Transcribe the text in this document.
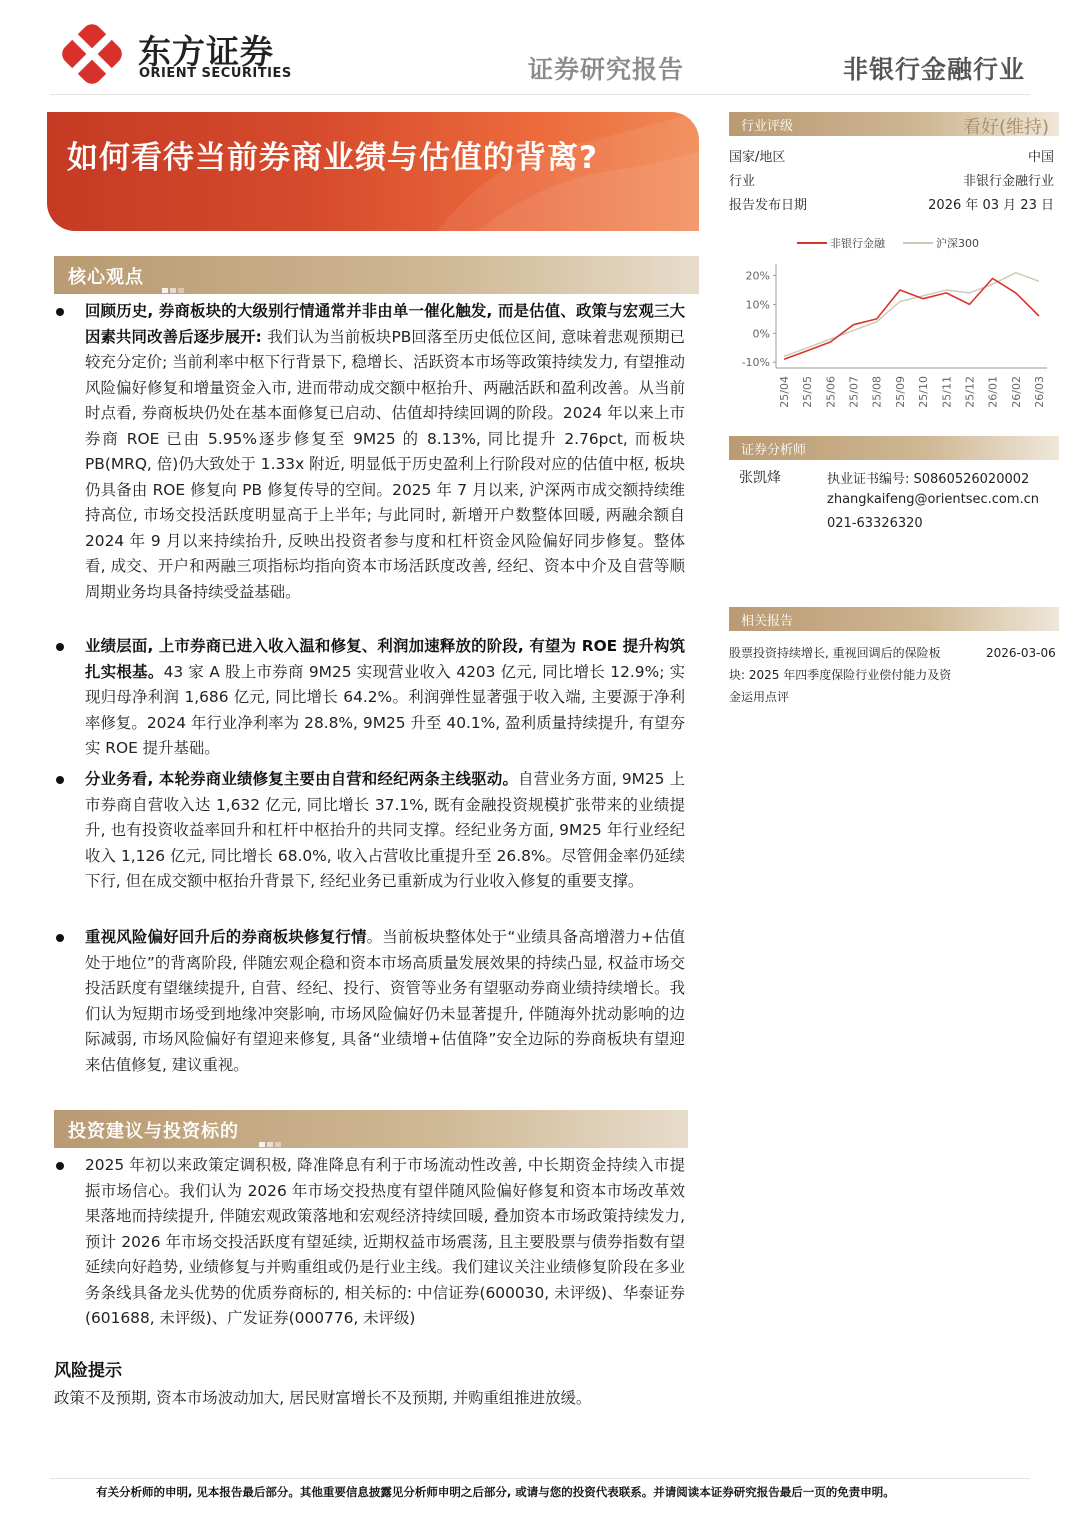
东方证券
ORIENT SECURITIES	证券研究报告	非银行金融行业
如何看待当前券商业绩与估值的背离?
核心观点
回顾历史, 券商板块的大级别行情通常并非由单一催化触发, 而是估值、政策与宏观三大因素共同改善后逐步展开: 我们认为当前板块PB回落至历史低位区间, 意味着悲观预期已较充分定价; 当前利率中枢下行背景下, 稳增长、活跃资本市场等政策持续发力, 有望推动风险偏好修复和增量资金入市, 进而带动成交额中枢抬升、两融活跃和盈利改善。从当前时点看, 券商板块仍处在基本面修复已启动、估值却持续回调的阶段。2024 年以来上市券商 ROE 已由 5.95%逐步修复至 9M25 的 8.13%, 同比提升 2.76pct, 而板块 PB(MRQ, 倍)仍大致处于 1.33x 附近, 明显低于历史盈利上行阶段对应的估值中枢, 板块仍具备由 ROE 修复向 PB 修复传导的空间。2025 年 7 月以来, 沪深两市成交额持续维持高位, 市场交投活跃度明显高于上半年; 与此同时, 新增开户数整体回暖, 两融余额自 2024 年 9 月以来持续抬升, 反映出投资者参与度和杠杆资金风险偏好同步修复。整体看, 成交、开户和两融三项指标均指向资本市场活跃度改善, 经纪、资本中介及自营等顺周期业务均具备持续受益基础。
业绩层面, 上市券商已进入收入温和修复、利润加速释放的阶段, 有望为 ROE 提升构筑扎实根基。43 家 A 股上市券商 9M25 实现营业收入 4203 亿元, 同比增长 12.9%; 实现归母净利润 1,686 亿元, 同比增长 64.2%。利润弹性显著强于收入端, 主要源于净利率修复。2024 年行业净利率为 28.8%, 9M25 升至 40.1%, 盈利质量持续提升, 有望夯实 ROE 提升基础。
分业务看, 本轮券商业绩修复主要由自营和经纪两条主线驱动。自营业务方面, 9M25 上市券商自营收入达 1,632 亿元, 同比增长 37.1%, 既有金融投资规模扩张带来的业绩提升, 也有投资收益率回升和杠杆中枢抬升的共同支撑。经纪业务方面, 9M25 年行业经纪收入 1,126 亿元, 同比增长 68.0%, 收入占营收比重提升至 26.8%。尽管佣金率仍延续下行, 但在成交额中枢抬升背景下, 经纪业务已重新成为行业收入修复的重要支撑。
重视风险偏好回升后的券商板块修复行情。当前板块整体处于“业绩具备高增潜力+估值处于地位”的背离阶段, 伴随宏观企稳和资本市场高质量发展效果的持续凸显, 权益市场交投活跃度有望继续提升, 自营、经纪、投行、资管等业务有望驱动券商业绩持续增长。我们认为短期市场受到地缘冲突影响, 市场风险偏好仍未显著提升, 伴随海外扰动影响的边际减弱, 市场风险偏好有望迎来修复, 具备“业绩增+估值降”安全边际的券商板块有望迎来估值修复, 建议重视。
投资建议与投资标的
2025 年初以来政策定调积极, 降准降息有利于市场流动性改善, 中长期资金持续入市提振市场信心。我们认为 2026 年市场交投热度有望伴随风险偏好修复和资本市场改革效果落地而持续提升, 伴随宏观政策落地和宏观经济持续回暖, 叠加资本市场政策持续发力, 预计 2026 年市场交投活跃度有望延续, 近期权益市场震荡, 且主要股票与债券指数有望延续向好趋势, 业绩修复与并购重组或仍是行业主线。我们建议关注业绩修复阶段在多业务条线具备龙头优势的优质券商标的, 相关标的: 中信证券(600030, 未评级)、华泰证券(601688, 未评级)、广发证券(000776, 未评级)
风险提示
政策不及预期, 资本市场波动加大, 居民财富增长不及预期, 并购重组推进放缓。
有关分析师的申明, 见本报告最后部分。其他重要信息披露见分析师申明之后部分, 或请与您的投资代表联系。并请阅读本证券研究报告最后一页的免责申明。
行业评级	看好(维持)
国家/地区	中国
行业	非银行金融行业
报告发布日期	2026 年 03 月 23 日
非银行金融	沪深300
20%
10%
0%
-10%
25/04 25/05 25/06 25/07 25/08 25/09 25/10 25/11 25/12 26/01 26/02 26/03
证券分析师
张凯烽	执业证书编号: S0860526020002
zhangkaifeng@orientsec.com.cn
021-63326320
相关报告
股票投资持续增长, 重视回调后的保险板
块: 2025 年四季度保险行业偿付能力及资
金运用点评
2026-03-06
